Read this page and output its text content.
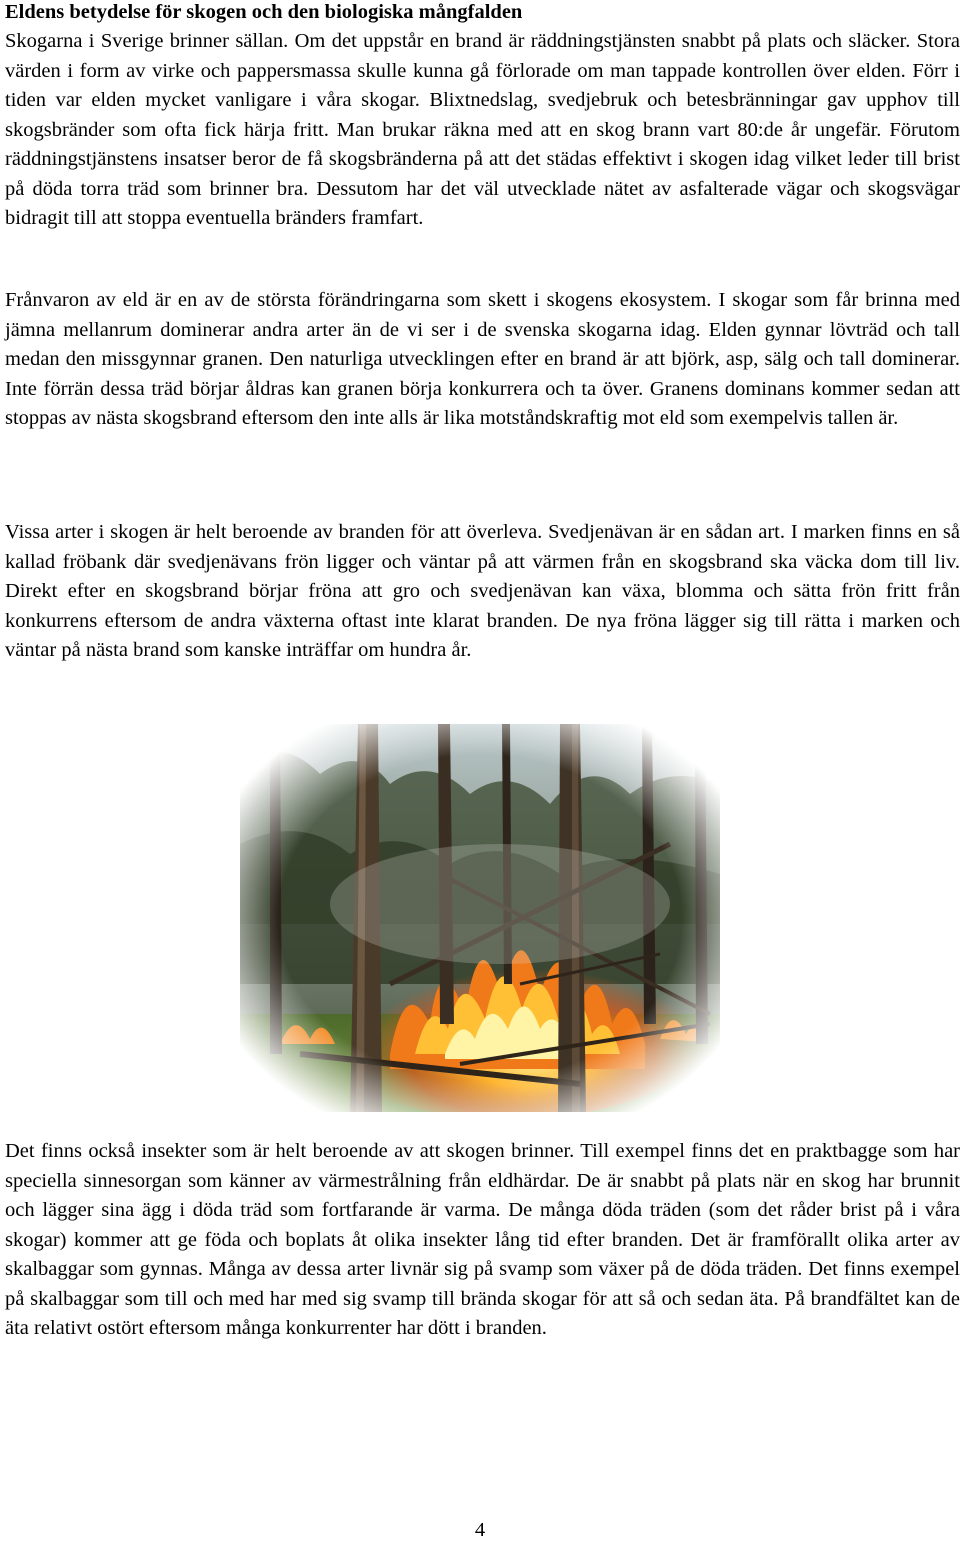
Eldens betydelse för skogen och den biologiska mångfalden

Skogarna i Sverige brinner sällan. Om det uppstår en brand är räddningstjänsten snabbt på plats och släcker. Stora värden i form av virke och pappersmassa skulle kunna gå förlorade om man tappade kontrollen över elden. Förr i tiden var elden mycket vanligare i våra skogar. Blixtnedslag, svedjebruk och betesbränningar gav upphov till skogsbränder som ofta fick härja fritt. Man brukar räkna med att en skog brann vart 80:de år ungefär. Förutom räddningstjänstens insatser beror de få skogsbränderna på att det städas effektivt i skogen idag vilket leder till brist på döda torra träd som brinner bra. Dessutom har det väl utvecklade nätet av asfalterade vägar och skogsvägar bidragit till att stoppa eventuella bränders framfart.

Frånvaron av eld är en av de största förändringarna som skett i skogens ekosystem. I skogar som får brinna med jämna mellanrum dominerar andra arter än de vi ser i de svenska skogarna idag. Elden gynnar lövträd och tall medan den missgynnar granen. Den naturliga utvecklingen efter en brand är att björk, asp, sälg och tall dominerar. Inte förrän dessa träd börjar åldras kan granen börja konkurrera och ta över. Granens dominans kommer sedan att stoppas av nästa skogsbrand eftersom den inte alls är lika motståndskraftig mot eld som exempelvis tallen är.

Vissa arter i skogen är helt beroende av branden för att överleva. Svedjenävan är en sådan art. I marken finns en så kallad fröbank där svedjenävans frön ligger och väntar på att värmen från en skogsbrand ska väcka dom till liv. Direkt efter en skogsbrand börjar fröna att gro och svedjenävan kan växa, blomma och sätta frön fritt från konkurrens eftersom de andra växterna oftast inte klarat branden. De nya fröna lägger sig till rätta i marken och väntar på nästa brand som kanske inträffar om hundra år.

Det finns också insekter som är helt beroende av att skogen brinner. Till exempel finns det en praktbagge som har speciella sinnesorgan som känner av värmestrålning från eldhärdar. De är snabbt på plats när en skog har brunnit och lägger sina ägg i döda träd som fortfarande är varma. De många döda träden (som det råder brist på i våra skogar) kommer att ge föda och boplats åt olika insekter lång tid efter branden. Det är framförallt olika arter av skalbaggar som gynnas. Många av dessa arter livnär sig på svamp som växer på de döda träden. Det finns exempel på skalbaggar som till och med har med sig svamp till brända skogar för att så och sedan äta. På brandfältet kan de äta relativt ostört eftersom många konkurrenter har dött i branden.

4
